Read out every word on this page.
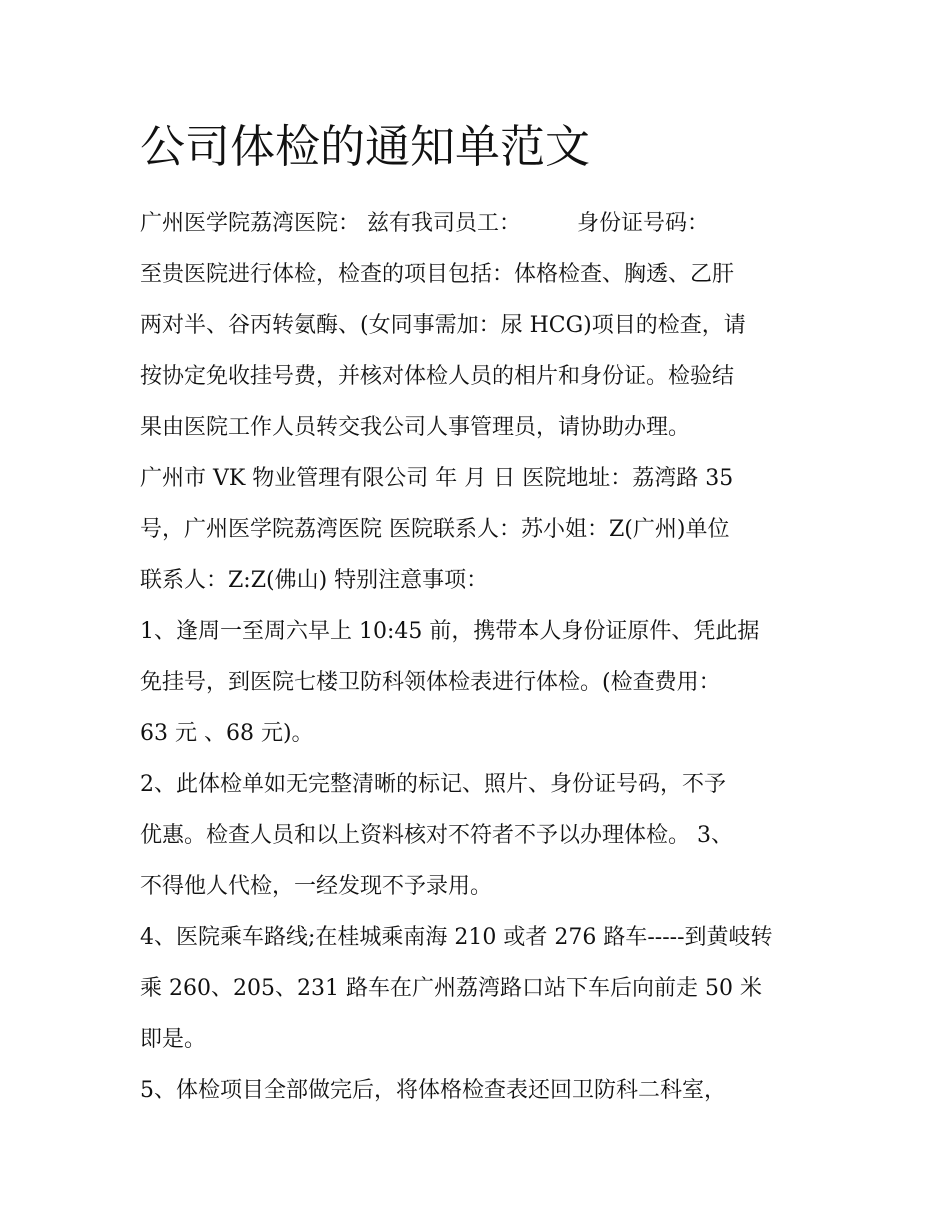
公司体检的通知单范文
广州医学院荔湾医院： 兹有我司员工：        身份证号码：
至贵医院进行体检，检查的项目包括：体格检查、胸透、乙肝
两对半、谷丙转氨酶、(女同事需加：尿 HCG)项目的检查，请
按协定免收挂号费，并核对体检人员的相片和身份证。检验结
果由医院工作人员转交我公司人事管理员，请协助办理。
广州市 VK 物业管理有限公司 年 月 日 医院地址：荔湾路 35
号，广州医学院荔湾医院 医院联系人：苏小姐：Z(广州)单位
联系人：Z:Z(佛山) 特别注意事项：
1、逢周一至周六早上 10:45 前，携带本人身份证原件、凭此据
免挂号，到医院七楼卫防科领体检表进行体检。(检查费用：
63 元 、68 元)。
2、此体检单如无完整清晰的标记、照片、身份证号码，不予
优惠。检查人员和以上资料核对不符者不予以办理体检。 3、
不得他人代检，一经发现不予录用。
4、医院乘车路线;在桂城乘南海 210 或者 276 路车-----到黄岐转
乘 260、205、231 路车在广州荔湾路口站下车后向前走 50 米
即是。
5、体检项目全部做完后，将体格检查表还回卫防科二科室，
